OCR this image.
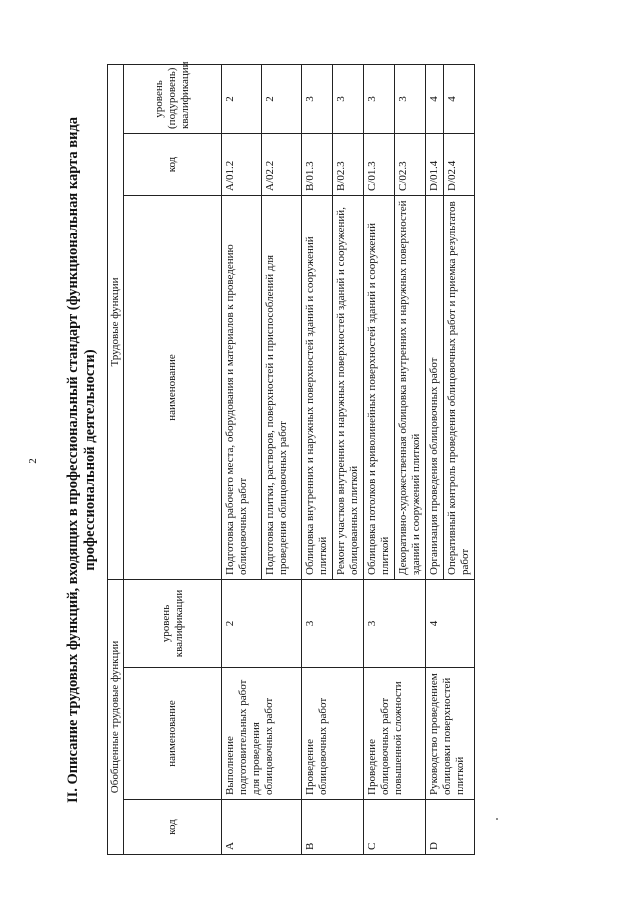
2 II. Описание трудовых функций, входящих в профессиональный стандарт (функциональная карта вида профессиональной деятельности)
Обобщенные трудовые функции			Трудовые функции		
код	наименование	уровень квалификации	наименование	код	уровень (подуровень) квалификации
A	Выполнение подготовительных работ для проведения облицовочных работ	2	Подготовка рабочего места, оборудования и материалов к проведению облицовочных работ	A/01.2	2
			Подготовка плитки, растворов, поверхностей и приспособлений для проведения облицовочных работ	A/02.2	2
B	Проведение облицовочных работ	3	Облицовка внутренних и наружных поверхностей зданий и сооружений плиткой	B/01.3	3
			Ремонт участков внутренних и наружных поверхностей зданий и сооружений, облицованных плиткой	B/02.3	3
C	Проведение облицовочных работ повышенной сложности	3	Облицовка потолков и криволинейных поверхностей зданий и сооружений плиткой	C/01.3	3
			Декоративно-художественная облицовка внутренних и наружных поверхностей зданий и сооружений плиткой	C/02.3	3
D	Руководство проведением облицовки поверхностей плиткой	4	Организация проведения облицовочных работ	D/01.4	4
			Оперативный контроль проведения облицовочных работ и приемка результатов работ	D/02.4	4
